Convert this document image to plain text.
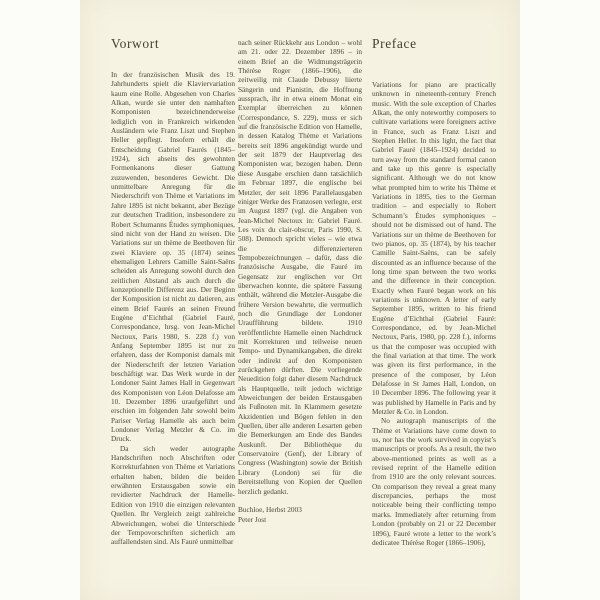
Vorwort	Preface

In der französischen Musik des 19. Jahrhunderts spielt die Klaviervariation kaum eine Rolle. Abgesehen von Charles Alkan, wurde sie unter den namhaften Komponisten bezeichnenderweise lediglich von in Frankreich wirkenden Ausländern wie Franz Liszt und Stephen Heller gepflegt. Insofern erhält die Entscheidung Gabriel Faurés (1845–1924), sich abseits des gewohnten Formenkanons dieser Gattung zuzuwenden, besonderes Gewicht. Die unmittelbare Anregung für die Niederschrift von Thème et Variations im Jahre 1895 ist nicht bekannt, aber Bezüge zur deutschen Tradition, insbesondere zu Robert Schumanns Études symphoniques, sind nicht von der Hand zu weisen. Die Variations sur un thème de Beethoven für zwei Klaviere op. 35 (1874) seines ehemaligen Lehrers Camille Saint-Saëns scheiden als Anregung sowohl durch den zeitlichen Abstand als auch durch die konzeptionelle Differenz aus. Der Beginn der Komposition ist nicht zu datieren, aus einem Brief Faurés an seinen Freund Eugène d’Eichthal (Gabriel Fauré, Correspondance, hrsg. von Jean-Michel Nectoux, Paris 1980, S. 228 f.) von Anfang September 1895 ist nur zu erfahren, dass der Komponist damals mit der Niederschrift der letzten Variation beschäftigt war. Das Werk wurde in der Londoner Saint James Hall in Gegenwart des Komponisten von Léon Delafosse am 10. Dezember 1896 uraufgeführt und erschien im folgenden Jahr sowohl beim Pariser Verlag Hamelle als auch beim Londoner Verlag Metzler & Co. im Druck.

Da sich weder autographe Handschriften noch Abschriften oder Korrekturfahnen von Thème et Variations erhalten haben, bilden die beiden erwähnten Erstausgaben sowie ein revidierter Nachdruck der Hamelle-Edition von 1910 die einzigen relevanten Quellen. Ihr Vergleich zeigt zahlreiche Abweichungen, wobei die Unterschiede der Tempovorschriften sicherlich am auffallendsten sind. Als Fauré unmittelbar

nach seiner Rückkehr aus London – wohl am 21. oder 22. Dezember 1896 – in einem Brief an die Widmungsträgerin Thérèse Roger (1866–1906), die zeitweilig mit Claude Debussy liierte Sängerin und Pianistin, die Hoffnung aussprach, ihr in etwa einem Monat ein Exemplar überreichen zu können (Correspondance, S. 229), muss er sich auf die französische Edition von Hamelle, in dessen Katalog Thème et Variations bereits seit 1896 angekündigt wurde und der seit 1879 der Hauptverlag des Komponisten war, bezogen haben. Denn diese Ausgabe erschien dann tatsächlich im Februar 1897, die englische bei Metzler, der seit 1896 Parallelausgaben einiger Werke des Franzosen verlegte, erst im August 1897 (vgl. die Angaben von Jean-Michel Nectoux in: Gabriel Fauré. Les voix du clair-obscur, Paris 1990, S. 508). Dennoch spricht vieles – wie etwa die differenzierteren Tempobezeichnungen – dafür, dass die französische Ausgabe, die Fauré im Gegensatz zur englischen vor Ort überwachen konnte, die spätere Fassung enthält, während die Metzler-Ausgabe die frühere Version bewahrte, die vermutlich noch die Grundlage der Londoner Uraufführung bildete. 1910 veröffentlichte Hamelle einen Nachdruck mit Korrekturen und teilweise neuen Tempo- und Dynamikangaben, die direkt oder indirekt auf den Komponisten zurückgehen dürften. Die vorliegende Neuedition folgt daher diesem Nachdruck als Hauptquelle, teilt jedoch wichtige Abweichungen der beiden Erstausgaben als Fußnoten mit. In Klammern gesetzte Akzidentien und Bögen fehlen in den Quellen, über alle anderen Lesarten geben die Bemerkungen am Ende des Bandes Auskunft. Der Bibliothèque du Conservatoire (Genf), der Library of Congress (Washington) sowie der British Library (London) sei für die Bereitstellung von Kopien der Quellen herzlich gedankt.

Buchloe, Herbst 2003
Peter Jost

Variations for piano are practically unknown in nineteenth-century French music. With the sole exception of Charles Alkan, the only noteworthy composers to cultivate variations were foreigners active in France, such as Franz Liszt and Stephen Heller. In this light, the fact that Gabriel Fauré (1845–1924) decided to turn away from the standard formal canon and take up this genre is especially significant. Although we do not know what prompted him to write his Thème et Variations in 1895, ties to the German tradition – and especially to Robert Schumann’s Études symphoniques – should not be dismissed out of hand. The Variations sur un thème de Beethoven for two pianos, op. 35 (1874), by his teacher Camille Saint-Saëns, can be safely discounted as an influence because of the long time span between the two works and the difference in their conception. Exactly when Fauré began work on his variations is unknown. A letter of early September 1895, written to his friend Eugène d’Eichthal (Gabriel Fauré: Correspondance, ed. by Jean-Michel Nectoux, Paris, 1980, pp. 228 f.), informs us that the composer was occupied with the final variation at that time. The work was given its first performance, in the presence of the composer, by Léon Delafosse in St James Hall, London, on 10 December 1896. The following year it was published by Hamelle in Paris and by Metzler & Co. in London.

No autograph manuscripts of the Thème et Variations have come down to us, nor has the work survived in copyist’s manuscripts or proofs. As a result, the two above-mentioned prints as well as a revised reprint of the Hamelle edition from 1910 are the only relevant sources. On comparison they reveal a great many discrepancies, perhaps the most noticeable being their conflicting tempo marks. Immediately after returning from London (probably on 21 or 22 December 1896), Fauré wrote a letter to the work’s dedicatee Thérèse Roger (1866–1906),
